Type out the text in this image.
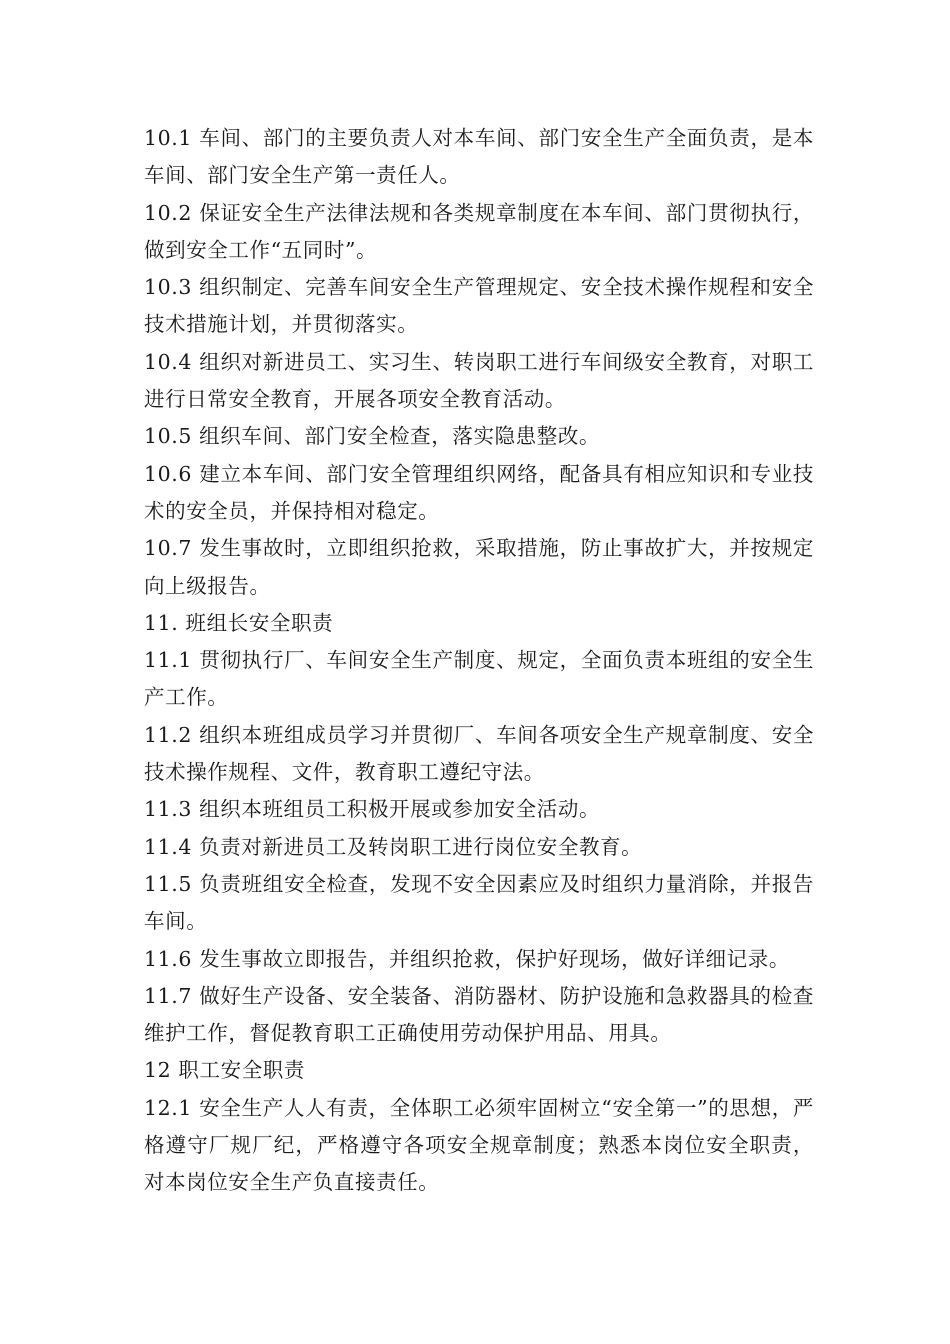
10.1 车间、部门的主要负责人对本车间、部门安全生产全面负责，是本车间、部门安全生产第一责任人。

10.2 保证安全生产法律法规和各类规章制度在本车间、部门贯彻执行，做到安全工作“五同时”。

10.3 组织制定、完善车间安全生产管理规定、安全技术操作规程和安全技术措施计划，并贯彻落实。

10.4 组织对新进员工、实习生、转岗职工进行车间级安全教育，对职工进行日常安全教育，开展各项安全教育活动。

10.5 组织车间、部门安全检查，落实隐患整改。

10.6 建立本车间、部门安全管理组织网络，配备具有相应知识和专业技术的安全员，并保持相对稳定。

10.7 发生事故时，立即组织抢救，采取措施，防止事故扩大，并按规定向上级报告。

11. 班组长安全职责

11.1 贯彻执行厂、车间安全生产制度、规定，全面负责本班组的安全生产工作。

11.2 组织本班组成员学习并贯彻厂、车间各项安全生产规章制度、安全技术操作规程、文件，教育职工遵纪守法。

11.3 组织本班组员工积极开展或参加安全活动。

11.4 负责对新进员工及转岗职工进行岗位安全教育。

11.5 负责班组安全检查，发现不安全因素应及时组织力量消除，并报告车间。

11.6 发生事故立即报告，并组织抢救，保护好现场，做好详细记录。

11.7 做好生产设备、安全装备、消防器材、防护设施和急救器具的检查维护工作，督促教育职工正确使用劳动保护用品、用具。

12 职工安全职责

12.1 安全生产人人有责，全体职工必须牢固树立“安全第一”的思想，严格遵守厂规厂纪，严格遵守各项安全规章制度；熟悉本岗位安全职责，对本岗位安全生产负直接责任。
